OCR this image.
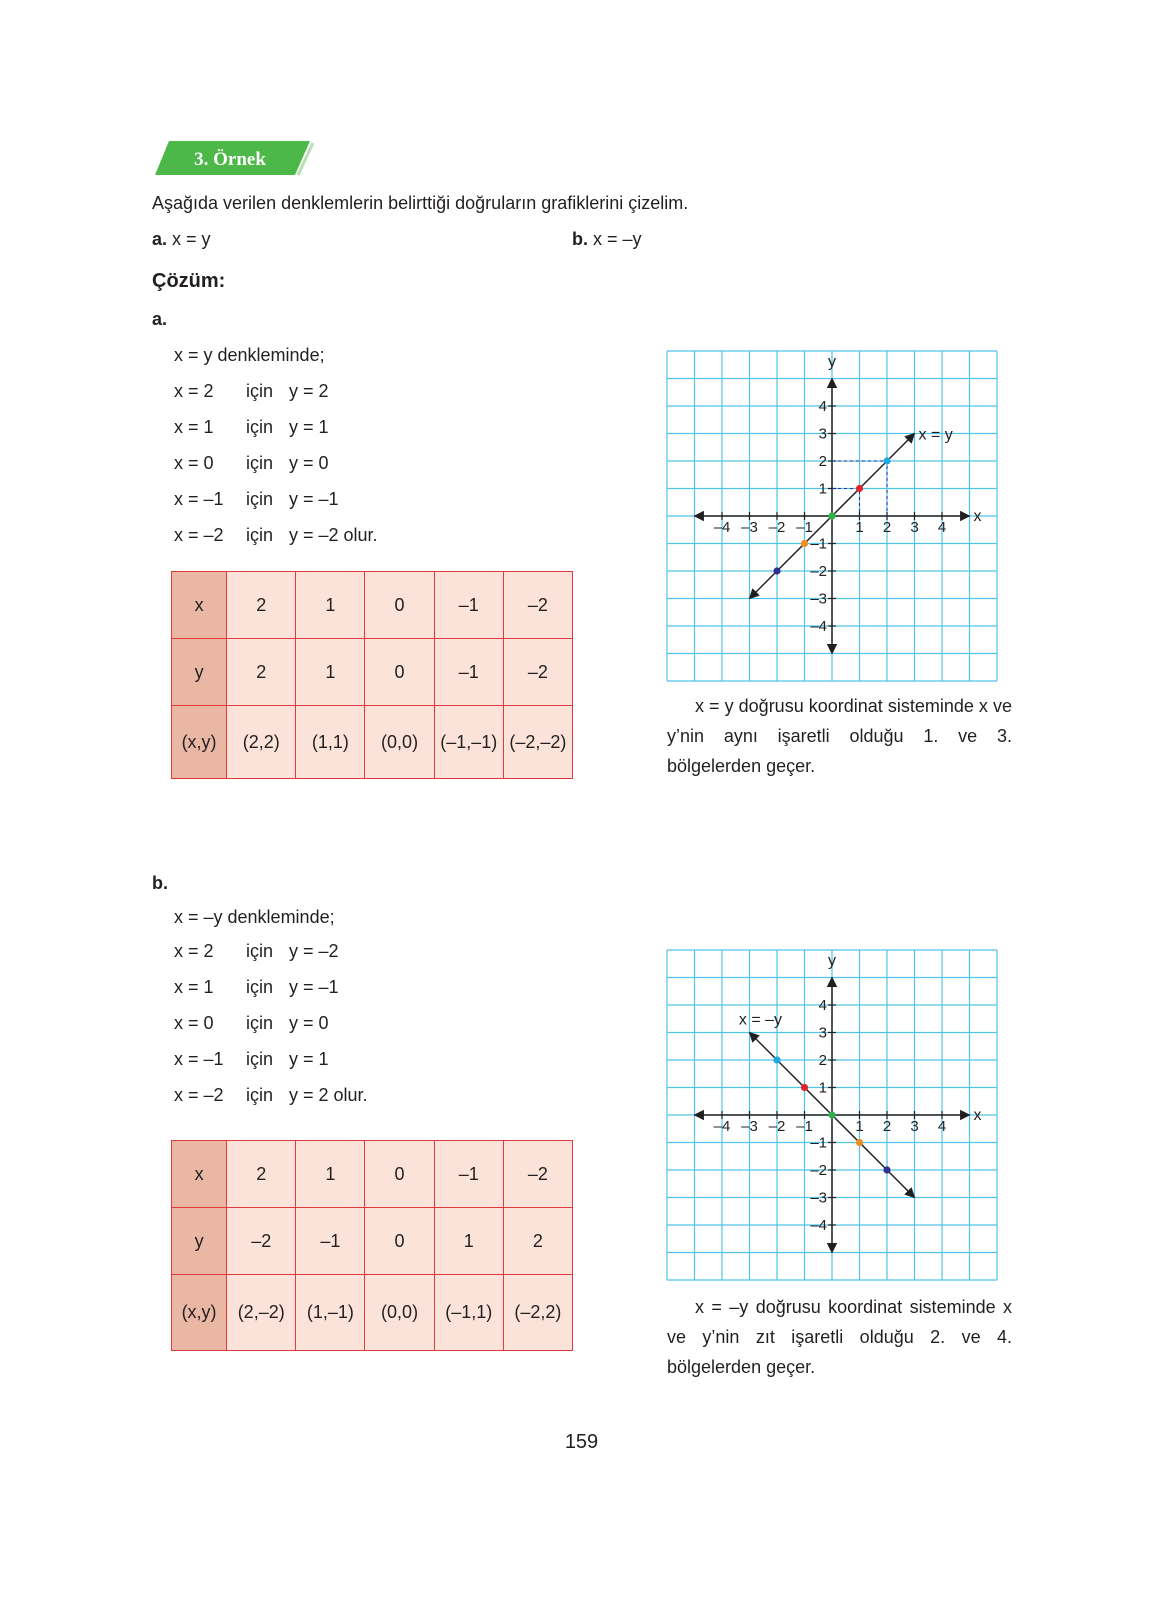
3. Örnek
Aşağıda verilen denklemlerin belirttiği doğruların grafiklerini çizelim.
a. x = y	b. x = –y
Çözüm:
a.
x = y denkleminde;
x = 2 için y = 2
x = 1 için y = 1
x = 0 için y = 0
x = –1 için y = –1
x = –2 için y = –2 olur.
x	2	1	0	–1	–2
y	2	1	0	–1	–2
(x,y)	(2,2)	(1,1)	(0,0)	(–1,–1)	(–2,–2)
–4 –3 –2 –1	1 2 3 4
4
3
2
1
–1
–2
–3
–4
x
y
x = y
x = y doğrusu koordinat sisteminde x ve y’nin aynı işaretli olduğu 1. ve 3. bölgelerden geçer.
b.
x = –y denkleminde;
x = 2 için y = –2
x = 1 için y = –1
x = 0 için y = 0
x = –1 için y = 1
x = –2 için y = 2 olur.
x	2	1	0	–1	–2
y	–2	–1	0	1	2
(x,y)	(2,–2)	(1,–1)	(0,0)	(–1,1)	(–2,2)
–4 –3 –2 –1	1 2 3 4
4
3
2
1
–1
–2
–3
–4
x
y
x = –y
x = –y doğrusu koordinat sisteminde x ve y’nin zıt işaretli olduğu 2. ve 4. bölgelerden geçer.
159
